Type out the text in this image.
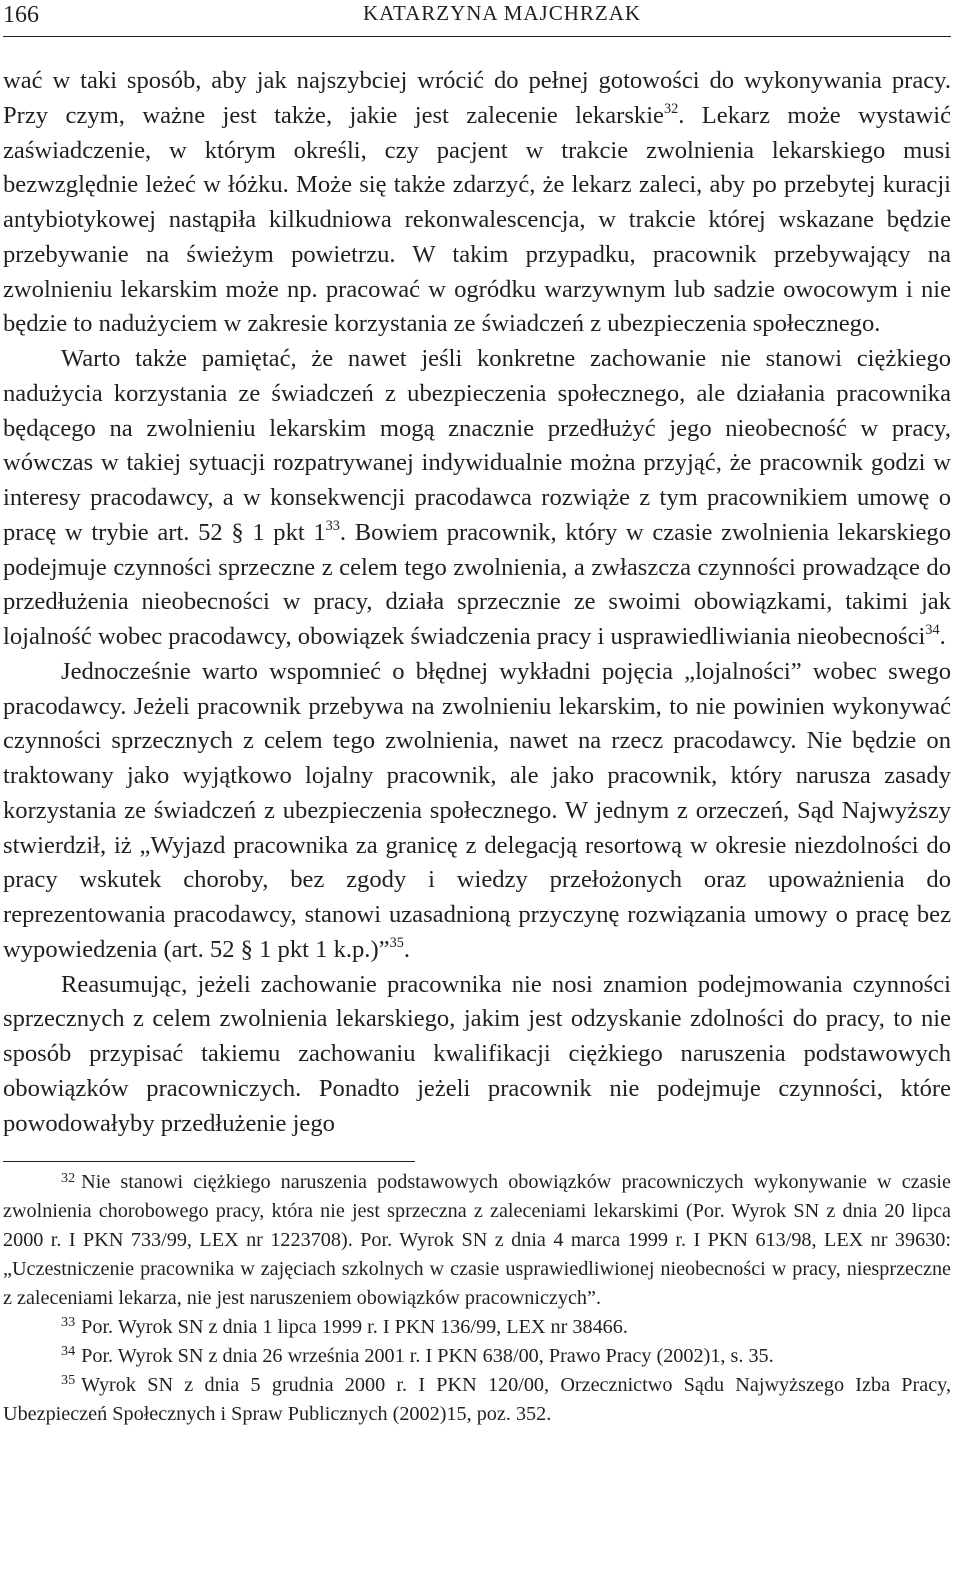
166	KATARZYNA MAJCHRZAK

wać w taki sposób, aby jak najszybciej wrócić do pełnej gotowości do wykonywania pracy. Przy czym, ważne jest także, jakie jest zalecenie lekarskie$^{32}$. Lekarz może wystawić zaświadczenie, w którym określi, czy pacjent w trakcie zwolnienia lekarskiego musi bezwzględnie leżeć w łóżku. Może się także zdarzyć, że lekarz zaleci, aby po przebytej kuracji antybiotykowej nastąpiła kilkudniowa rekonwalescencja, w trakcie której wskazane będzie przebywanie na świeżym powietrzu. W takim przypadku, pracownik przebywający na zwolnieniu lekarskim może np. pracować w ogródku warzywnym lub sadzie owocowym i nie będzie to nadużyciem w zakresie korzystania ze świadczeń z ubezpieczenia społecznego.

Warto także pamiętać, że nawet jeśli konkretne zachowanie nie stanowi ciężkiego nadużycia korzystania ze świadczeń z ubezpieczenia społecznego, ale działania pracownika będącego na zwolnieniu lekarskim mogą znacznie przedłużyć jego nieobecność w pracy, wówczas w takiej sytuacji rozpatrywanej indywidualnie można przyjąć, że pracownik godzi w interesy pracodawcy, a w konsekwencji pracodawca rozwiąże z tym pracownikiem umowę o pracę w trybie art. 52 § 1 pkt $1^{33}$. Bowiem pracownik, który w czasie zwolnienia lekarskiego podejmuje czynności sprzeczne z celem tego zwolnienia, a zwłaszcza czynności prowadzące do przedłużenia nieobecności w pracy, działa sprzecznie ze swoimi obowiązkami, takimi jak lojalność wobec pracodawcy, obowiązek świadczenia pracy i usprawiedliwiania nieobecności$^{34}$.

Jednocześnie warto wspomnieć o błędnej wykładni pojęcia „lojalności” wobec swego pracodawcy. Jeżeli pracownik przebywa na zwolnieniu lekarskim, to nie powinien wykonywać czynności sprzecznych z celem tego zwolnienia, nawet na rzecz pracodawcy. Nie będzie on traktowany jako wyjątkowo lojalny pracownik, ale jako pracownik, który narusza zasady korzystania ze świadczeń z ubezpieczenia społecznego. W jednym z orzeczeń, Sąd Najwyższy stwierdził, iż „Wyjazd pracownika za granicę z delegacją resortową w okresie niezdolności do pracy wskutek choroby, bez zgody i wiedzy przełożonych oraz upoważnienia do reprezentowania pracodawcy, stanowi uzasadnioną przyczynę rozwiązania umowy o pracę bez wypowiedzenia (art. 52 § 1 pkt 1 k.p.)”$^{35}$.

Reasumując, jeżeli zachowanie pracownika nie nosi znamion podejmowania czynności sprzecznych z celem zwolnienia lekarskiego, jakim jest odzyskanie zdolności do pracy, to nie sposób przypisać takiemu zachowaniu kwalifikacji ciężkiego naruszenia podstawowych obowiązków pracowniczych. Ponadto jeżeli pracownik nie podejmuje czynności, które powodowałyby przedłużenie jego

$^{32}$ Nie stanowi ciężkiego naruszenia podstawowych obowiązków pracowniczych wykonywanie w czasie zwolnienia chorobowego pracy, która nie jest sprzeczna z zaleceniami lekarskimi (Por. Wyrok SN z dnia 20 lipca 2000 r. I PKN 733/99, LEX nr 1223708). Por. Wyrok SN z dnia 4 marca 1999 r. I PKN 613/98, LEX nr 39630: „Uczestniczenie pracownika w zajęciach szkolnych w czasie usprawiedliwionej nieobecności w pracy, niesprzeczne z zaleceniami lekarza, nie jest naruszeniem obowiązków pracowniczych”.

$^{33}$ Por. Wyrok SN z dnia 1 lipca 1999 r. I PKN 136/99, LEX nr 38466.

$^{34}$ Por. Wyrok SN z dnia 26 września 2001 r. I PKN 638/00, Prawo Pracy (2002)1, s. 35.

$^{35}$ Wyrok SN z dnia 5 grudnia 2000 r. I PKN 120/00, Orzecznictwo Sądu Najwyższego Izba Pracy, Ubezpieczeń Społecznych i Spraw Publicznych (2002)15, poz. 352.
